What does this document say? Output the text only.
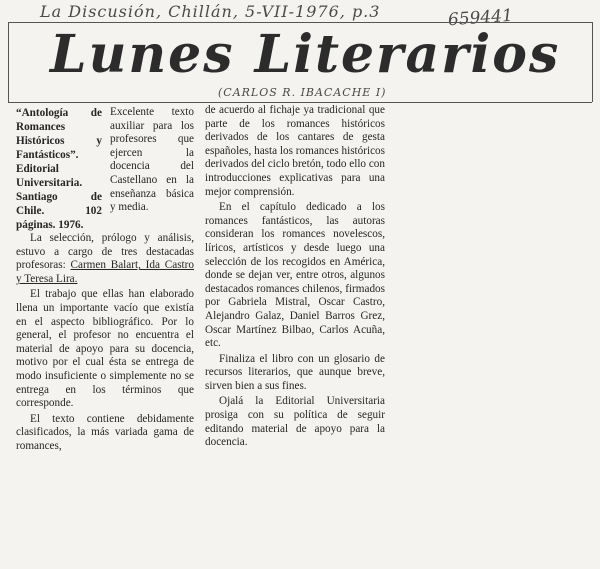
La Discusión, Chillán, 5-VII-1976, p.3	659441
Lunes Literarios
(CARLOS R. IBACACHE I)

“Antología de Romances Históricos y Fantásticos”. Editorial Universitaria. Santiago de Chile. 102 páginas. 1976.

Excelente texto auxiliar para los profesores que ejercen la docencia del Castellano en la enseñanza básica y media.

La selección, prólogo y análisis, estuvo a cargo de tres destacadas profesoras: Carmen Balart, Ida Castro y Teresa Lira.

El trabajo que ellas han elaborado llena un importante vacío que existía en el aspecto bibliográfico. Por lo general, el profesor no encuentra el material de apoyo para su docencia, motivo por el cual ésta se entrega de modo insuficiente o simplemente no se entrega en los términos que corresponde.

El texto contiene debidamente clasificados, la más variada gama de romances,

de acuerdo al fichaje ya tradicional que parte de los romances históricos derivados de los cantares de gesta españoles, hasta los romances históricos derivados del ciclo bretón, todo ello con introducciones explicativas para una mejor comprensión.

En el capítulo dedicado a los romances fantásticos, las autoras consideran los romances novelescos, líricos, artísticos y desde luego una selección de los recogidos en América, donde se dejan ver, entre otros, algunos destacados romances chilenos, firmados por Gabriela Mistral, Oscar Castro, Alejandro Galaz, Daniel Barros Grez, Oscar Martínez Bilbao, Carlos Acuña, etc.

Finaliza el libro con un glosario de recursos literarios, que aunque breve, sirven bien a sus fines.

Ojalá la Editorial Universitaria prosiga con su política de seguir editando material de apoyo para la docencia.
